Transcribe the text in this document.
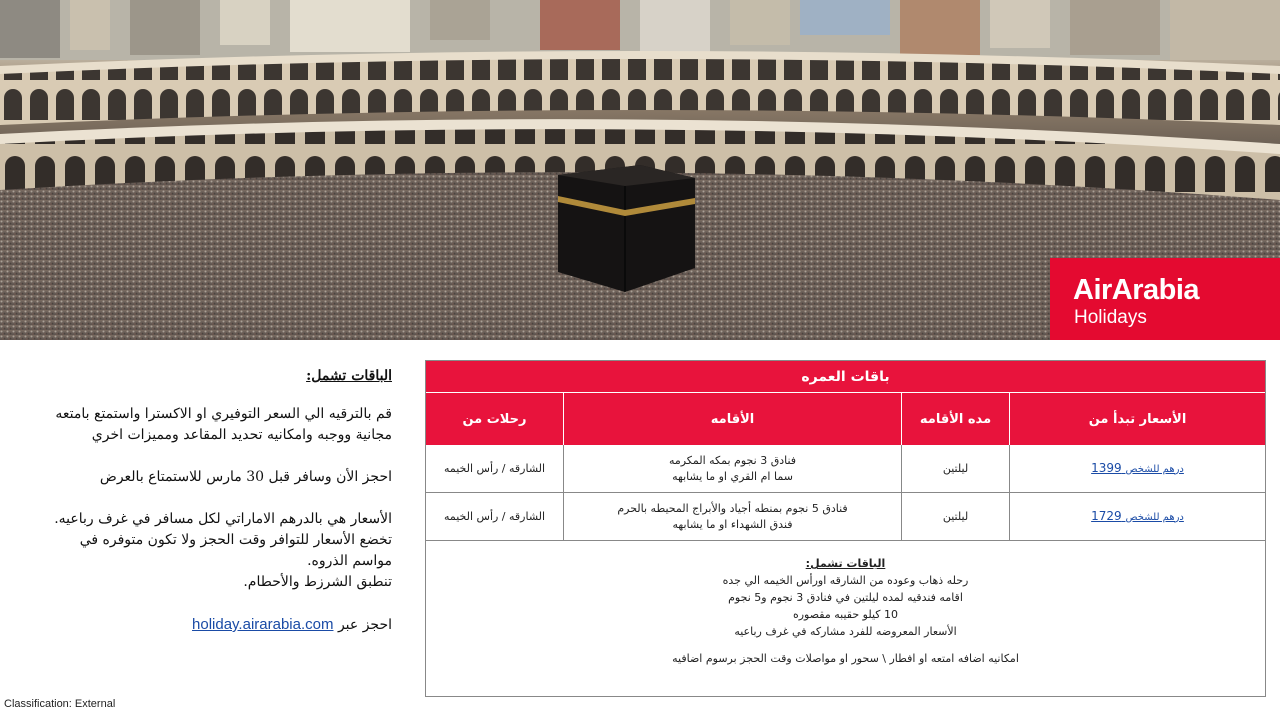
AirArabia
Holidays
الباقات تشمل:
قم بالترقيه الي السعر التوفيري او الاكسترا واستمتع بامتعه مجانية ووجبه وامكانيه تحديد المقاعد ومميزات اخري
احجز الأن وسافر قبل 30 مارس للاستمتاع بالعرض
الأسعار هي بالدرهم الاماراتي لكل مسافر في غرف رباعيه.
تخضع الأسعار للتوافر وقت الحجز ولا تكون متوفره في مواسم الذروه.
تنطبق الشرزط والأحطام.
احجز عبر holiday.airarabia.com
Classification: External
باقات العمره
الأسعار تبدأ من
مده الأقامه
الأقامه
رحلات من
1399 درهم للشخص
ليلتين
فنادق 3 نجوم بمكه المكرمه
سما ام القري او ما يشابهه
الشارقه / رأس الخيمه
1729 درهم للشخص
ليلتين
فنادق 5 نجوم بمنطه أجياد والأبراج المحيطه بالحرم
فندق الشهداء او ما يشابهه
الشارقه / رأس الخيمه
الباقات تشمل:
رحله ذهاب وعوده من الشارقه اورأس الخيمه الي جده
اقامه فندقيه لمده ليلتين في فنادق 3 نجوم و5 نجوم
10 كيلو حقيبه مقصوره
الأسعار المعروضه للفرد مشاركه في غرف رباعيه
امكانيه اضافه امتعه او افطار \ سحور او مواصلات وقت الحجز برسوم اضافيه
